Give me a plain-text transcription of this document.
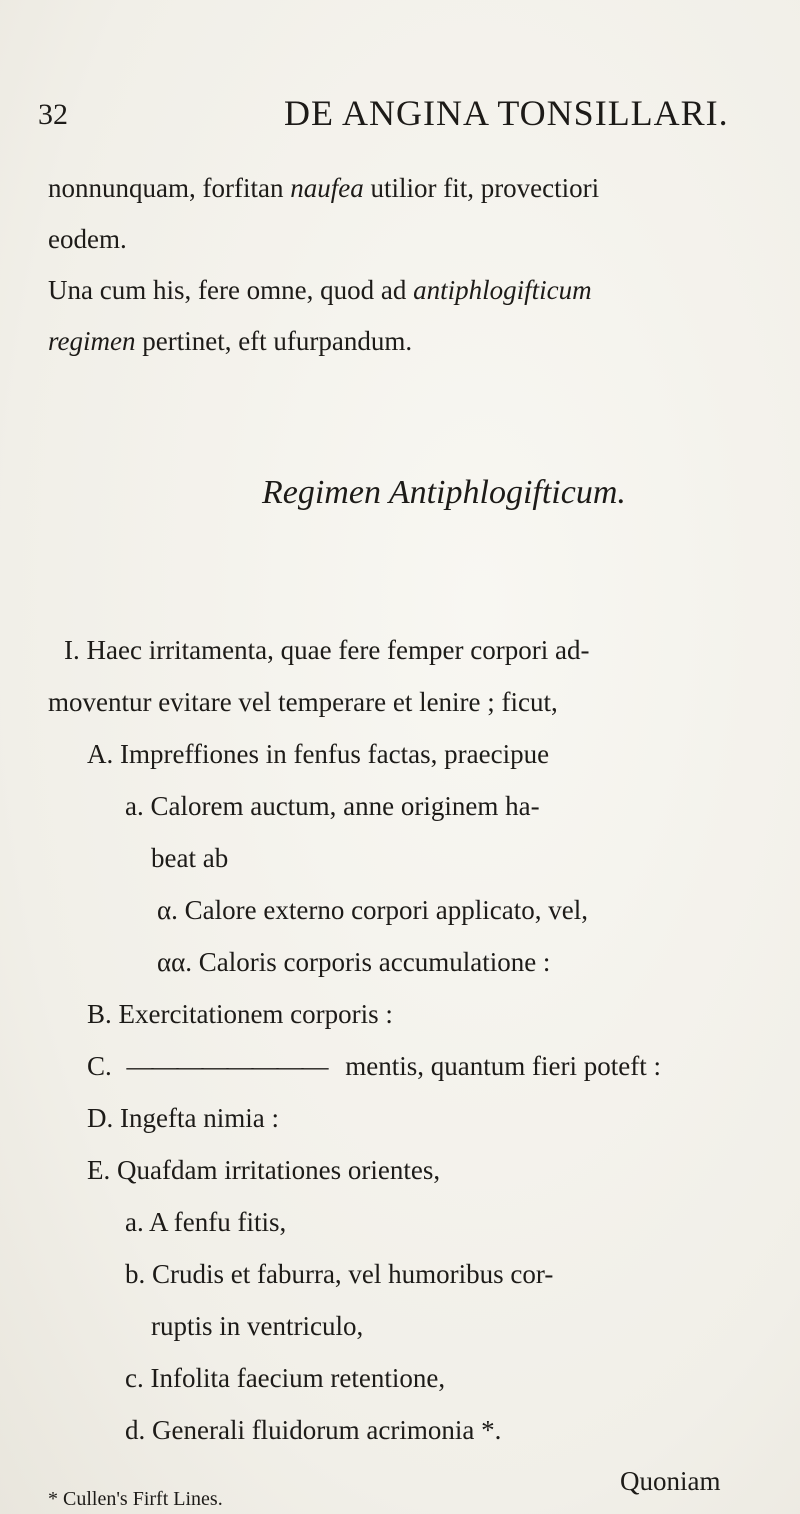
32	DE ANGINA TONSILLARI.
nonnunquam, forfitan naufea utilior fit, provectiori
eodem.
Una cum his, fere omne, quod ad antiphlogifticum
regimen pertinet, eft ufurpandum.
Regimen Antiphlogifticum.
I. Haec irritamenta, quae fere femper corpori ad-
moventur evitare vel temperare et lenire ; ficut,
A. Impreffiones in fenfus factas, praecipue
a. Calorem auctum, anne originem ha-
beat ab
α. Calore externo corpori applicato, vel,
αα. Caloris corporis accumulatione :
B. Exercitationem corporis :
C. ———————— mentis, quantum fieri poteft :
D. Ingefta nimia :
E. Quafdam irritationes orientes,
a. A fenfu fitis,
b. Crudis et faburra, vel humoribus cor-
ruptis in ventriculo,
c. Infolita faecium retentione,
d. Generali fluidorum acrimonia *.
Quoniam
* Cullen's Firft Lines.
